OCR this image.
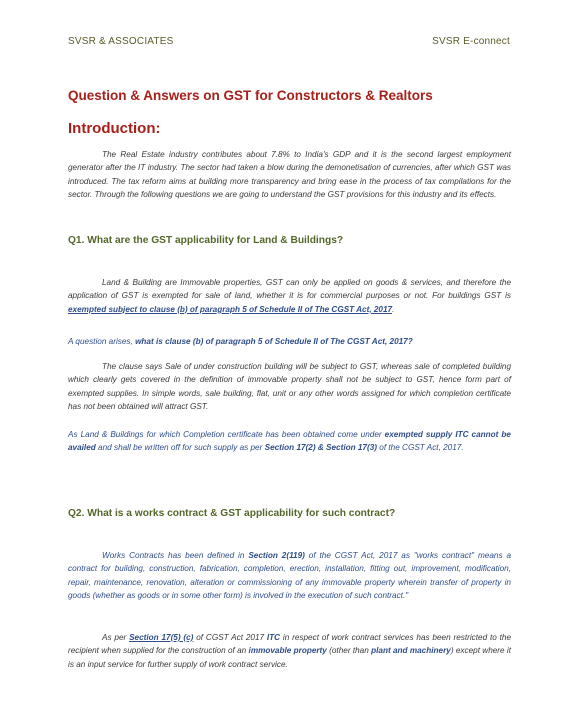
SVSR & ASSOCIATES	SVSR E-connect
Question & Answers on GST for Constructors & Realtors
Introduction:
The Real Estate industry contributes about 7.8% to India's GDP and it is the second largest employment generator after the IT industry. The sector had taken a blow during the demonetisation of currencies, after which GST was introduced. The tax reform aims at building more transparency and bring ease in the process of tax compilations for the sector. Through the following questions we are going to understand the GST provisions for this industry and its effects.
Q1. What are the GST applicability for Land & Buildings?
Land & Building are Immovable properties, GST can only be applied on goods & services, and therefore the application of GST is exempted for sale of land, whether it is for commercial purposes or not. For buildings GST is exempted subject to clause (b) of paragraph 5 of Schedule II of The CGST Act, 2017.
A question arises, what is clause (b) of paragraph 5 of Schedule II of The CGST Act, 2017?
The clause says Sale of under construction building will be subject to GST, whereas sale of completed building which clearly gets covered in the definition of immovable property shall not be subject to GST, hence form part of exempted supplies. In simple words, sale building, flat, unit or any other words assigned for which completion certificate has not been obtained will attract GST.
As Land & Buildings for which Completion certificate has been obtained come under exempted supply ITC cannot be availed and shall be written off for such supply as per Section 17(2) & Section 17(3) of the CGST Act, 2017.
Q2. What is a works contract & GST applicability for such contract?
Works Contracts has been defined in Section 2(119) of the CGST Act, 2017 as "works contract" means a contract for building, construction, fabrication, completion, erection, installation, fitting out, improvement, modification, repair, maintenance, renovation, alteration or commissioning of any immovable property wherein transfer of property in goods (whether as goods or in some other form) is involved in the execution of such contract."
As per Section 17(5) (c) of CGST Act 2017 ITC in respect of work contract services has been restricted to the recipient when supplied for the construction of an immovable property (other than plant and machinery) except where it is an input service for further supply of work contract service.
